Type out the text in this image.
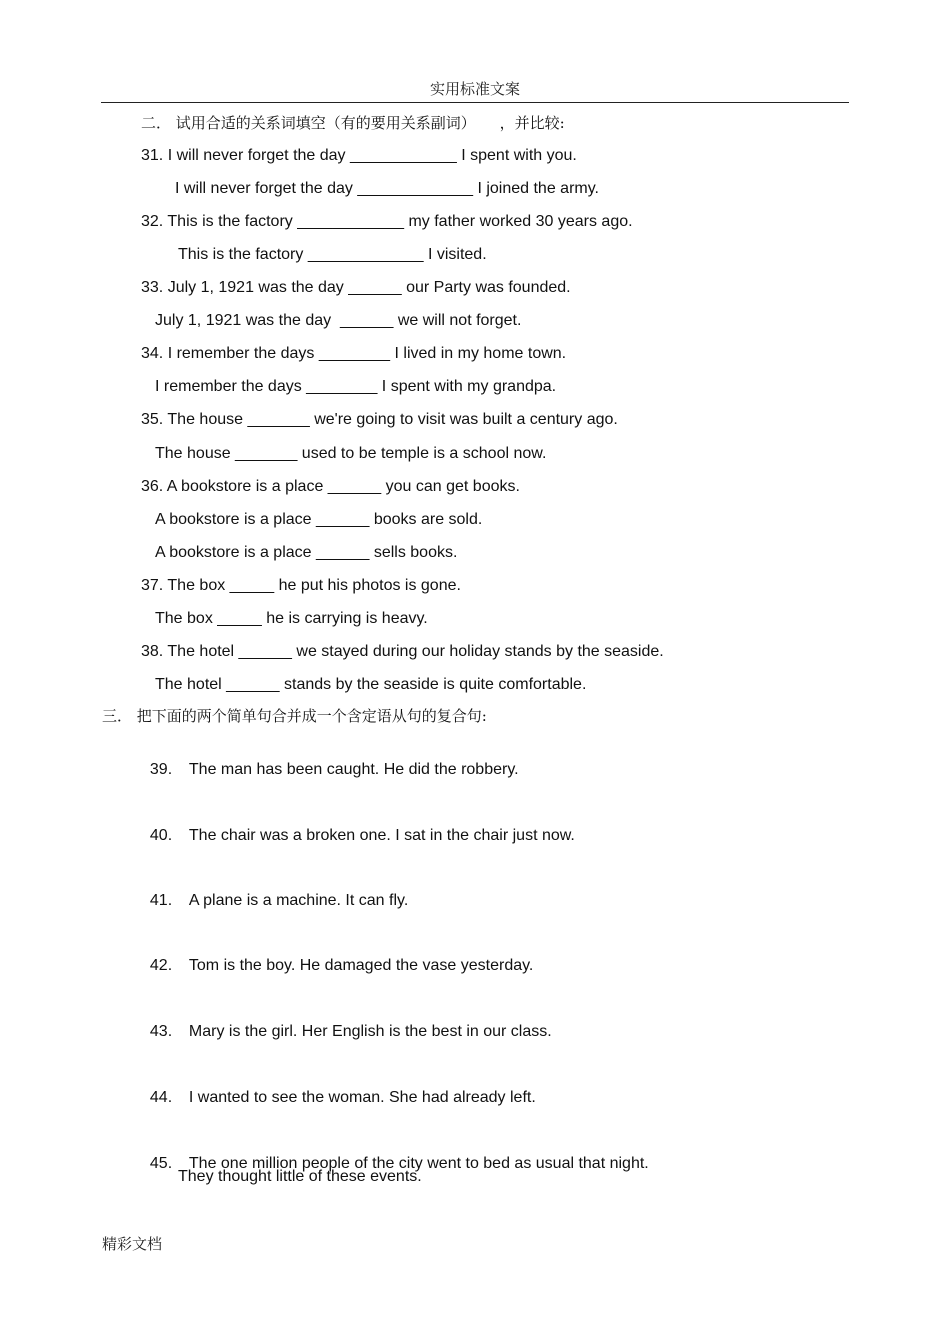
实用标准文案
二． 试用合适的关系词填空（有的要用关系副词）     ，并比较:
31. I will never forget the day ____________ I spent with you.
I will never forget the day _____________ I joined the army.
32. This is the factory ____________ my father worked 30 years ago.
This is the factory _____________ I visited.
33. July 1, 1921 was the day ______ our Party was founded.
July 1, 1921 was the day  ______ we will not forget.
34. I remember the days ________ I lived in my home town.
I remember the days ________ I spent with my grandpa.
35. The house _______ we're going to visit was built a century ago.
The house _______ used to be temple is a school now.
36. A bookstore is a place ______ you can get books.
A bookstore is a place ______ books are sold.
A bookstore is a place ______ sells books.
37. The box _____ he put his photos is gone.
The box _____ he is carrying is heavy.
38. The hotel ______ we stayed during our holiday stands by the seaside.
The hotel ______ stands by the seaside is quite comfortable.
三． 把下面的两个简单句合并成一个含定语从句的复合句:

39. The man has been caught. He did the robbery.

40. The chair was a broken one. I sat in the chair just now.

41. A plane is a machine. It can fly.

42. Tom is the boy. He damaged the vase yesterday.

43. Mary is the girl. Her English is the best in our class.

44. I wanted to see the woman. She had already left.

45. The one million people of the city went to bed as usual that night.

They thought little of these events.
精彩文档
